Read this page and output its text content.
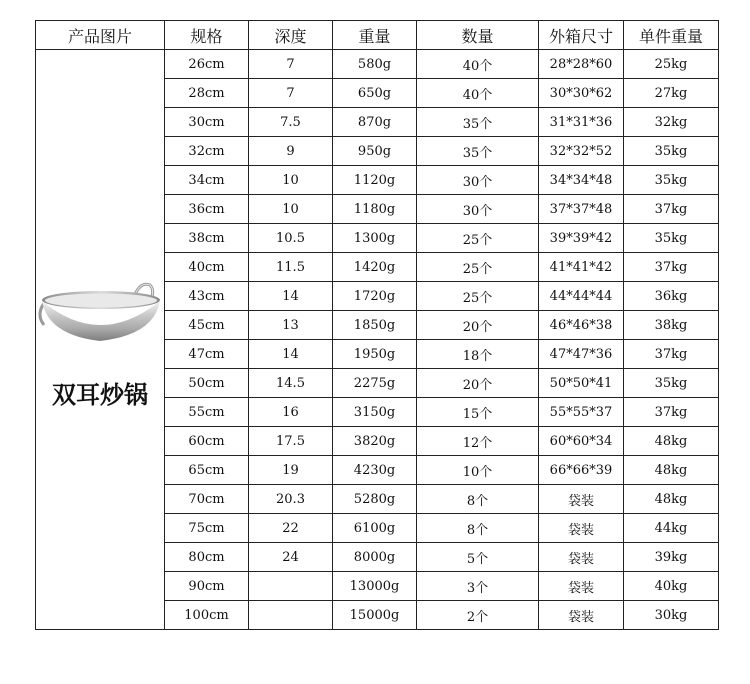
产品图片	规格	深度	重量	数量	外箱尺寸	单件重量

双耳炒锅	26cm	7	580g	40个	28*28*60	25kg
	28cm	7	650g	40个	30*30*62	27kg
	30cm	7.5	870g	35个	31*31*36	32kg
	32cm	9	950g	35个	32*32*52	35kg
	34cm	10	1120g	30个	34*34*48	35kg
	36cm	10	1180g	30个	37*37*48	37kg
	38cm	10.5	1300g	25个	39*39*42	35kg
	40cm	11.5	1420g	25个	41*41*42	37kg
	43cm	14	1720g	25个	44*44*44	36kg
	45cm	13	1850g	20个	46*46*38	38kg
	47cm	14	1950g	18个	47*47*36	37kg
	50cm	14.5	2275g	20个	50*50*41	35kg
	55cm	16	3150g	15个	55*55*37	37kg
	60cm	17.5	3820g	12个	60*60*34	48kg
	65cm	19	4230g	10个	66*66*39	48kg
	70cm	20.3	5280g	8个	袋装	48kg
	75cm	22	6100g	8个	袋装	44kg
	80cm	24	8000g	5个	袋装	39kg
	90cm		13000g	3个	袋装	40kg
	100cm		15000g	2个	袋装	30kg
